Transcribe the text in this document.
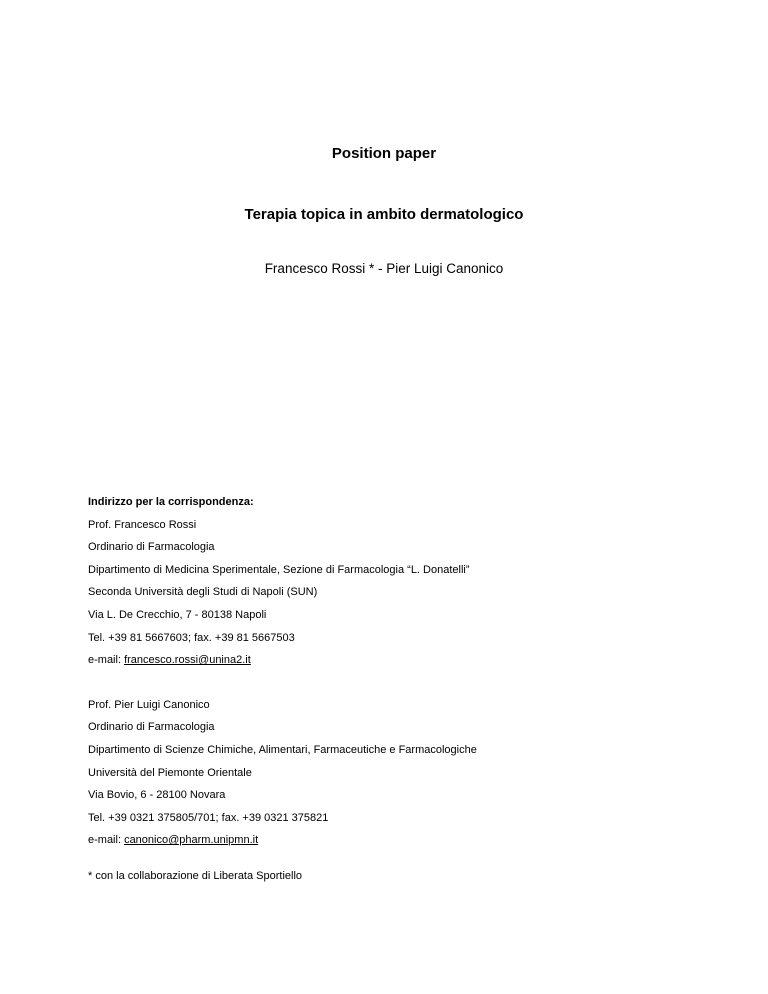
Position paper
Terapia topica in ambito dermatologico
Francesco Rossi * - Pier Luigi Canonico
Indirizzo per la corrispondenza:
Prof. Francesco Rossi
Ordinario di Farmacologia
Dipartimento di Medicina Sperimentale, Sezione di Farmacologia “L. Donatelli”
Seconda Università degli Studi di Napoli (SUN)
Via L. De Crecchio, 7 - 80138 Napoli
Tel. +39 81 5667603; fax. +39 81 5667503
e-mail: francesco.rossi@unina2.it
Prof. Pier Luigi Canonico
Ordinario di Farmacologia
Dipartimento di Scienze Chimiche, Alimentari, Farmaceutiche e Farmacologiche
Università del Piemonte Orientale
Via Bovio, 6 - 28100 Novara
Tel. +39 0321 375805/701; fax. +39 0321 375821
e-mail: canonico@pharm.unipmn.it
* con la collaborazione di Liberata Sportiello
